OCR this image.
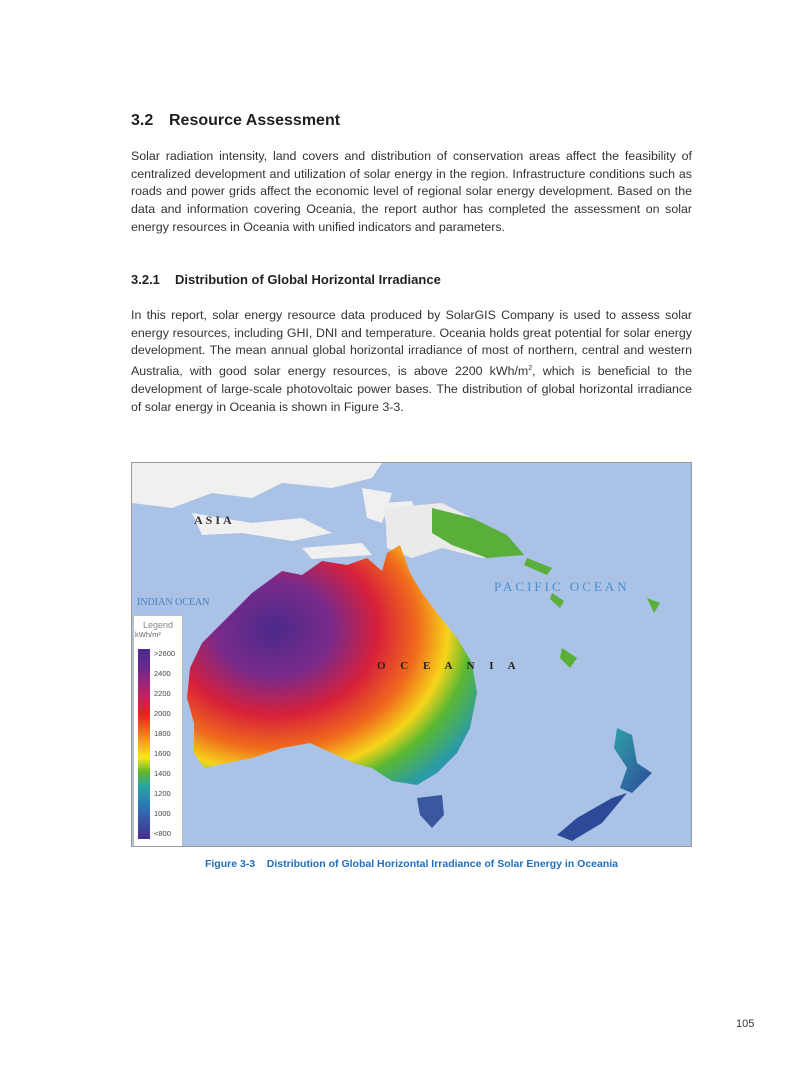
3.2 Resource Assessment
Solar radiation intensity, land covers and distribution of conservation areas affect the feasibility of centralized development and utilization of solar energy in the region. Infrastructure conditions such as roads and power grids affect the economic level of regional solar energy development. Based on the data and information covering Oceania, the report author has completed the assessment on solar energy resources in Oceania with unified indicators and parameters.
3.2.1 Distribution of Global Horizontal Irradiance
In this report, solar energy resource data produced by SolarGIS Company is used to assess solar energy resources, including GHI, DNI and temperature. Oceania holds great potential for solar energy development. The mean annual global horizontal irradiance of most of northern, central and western Australia, with good solar energy resources, is above 2200 kWh/$m^2$, which is beneficial to the development of large-scale photovoltaic power bases. The distribution of global horizontal irradiance of solar energy in Oceania is shown in Figure 3-3.
ASIA
INDIAN OCEAN
PACIFIC OCEAN
O C E A N I A
Legend
kWh/m²
>2600
2400
2200
2000
1800
1600
1400
1200
1000
<800
Figure 3-3    Distribution of Global Horizontal Irradiance of Solar Energy in Oceania
105
